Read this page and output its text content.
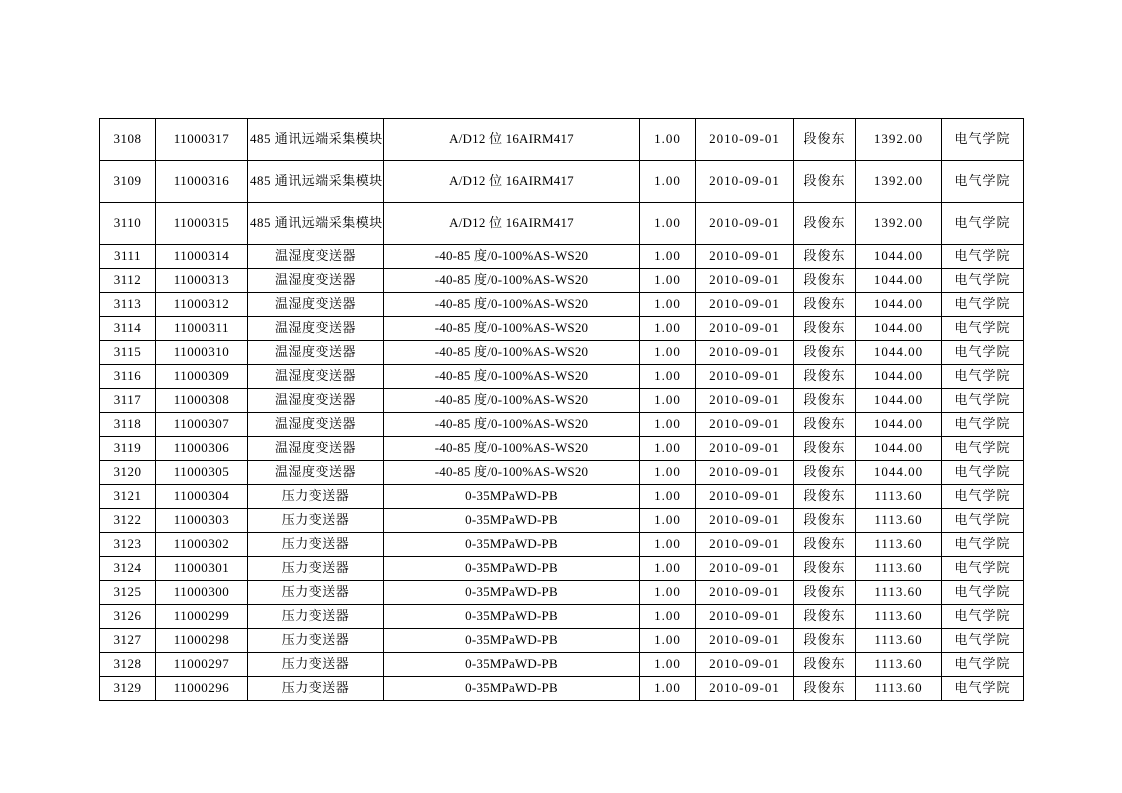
3108	11000317	485 通讯远端采集模块	A/D12 位 16AIRM417	1.00	2010-09-01	段俊东	1392.00	电气学院
3109	11000316	485 通讯远端采集模块	A/D12 位 16AIRM417	1.00	2010-09-01	段俊东	1392.00	电气学院
3110	11000315	485 通讯远端采集模块	A/D12 位 16AIRM417	1.00	2010-09-01	段俊东	1392.00	电气学院
3111	11000314	温湿度变送器	-40-85 度/0-100%AS-WS20	1.00	2010-09-01	段俊东	1044.00	电气学院
3112	11000313	温湿度变送器	-40-85 度/0-100%AS-WS20	1.00	2010-09-01	段俊东	1044.00	电气学院
3113	11000312	温湿度变送器	-40-85 度/0-100%AS-WS20	1.00	2010-09-01	段俊东	1044.00	电气学院
3114	11000311	温湿度变送器	-40-85 度/0-100%AS-WS20	1.00	2010-09-01	段俊东	1044.00	电气学院
3115	11000310	温湿度变送器	-40-85 度/0-100%AS-WS20	1.00	2010-09-01	段俊东	1044.00	电气学院
3116	11000309	温湿度变送器	-40-85 度/0-100%AS-WS20	1.00	2010-09-01	段俊东	1044.00	电气学院
3117	11000308	温湿度变送器	-40-85 度/0-100%AS-WS20	1.00	2010-09-01	段俊东	1044.00	电气学院
3118	11000307	温湿度变送器	-40-85 度/0-100%AS-WS20	1.00	2010-09-01	段俊东	1044.00	电气学院
3119	11000306	温湿度变送器	-40-85 度/0-100%AS-WS20	1.00	2010-09-01	段俊东	1044.00	电气学院
3120	11000305	温湿度变送器	-40-85 度/0-100%AS-WS20	1.00	2010-09-01	段俊东	1044.00	电气学院
3121	11000304	压力变送器	0-35MPaWD-PB	1.00	2010-09-01	段俊东	1113.60	电气学院
3122	11000303	压力变送器	0-35MPaWD-PB	1.00	2010-09-01	段俊东	1113.60	电气学院
3123	11000302	压力变送器	0-35MPaWD-PB	1.00	2010-09-01	段俊东	1113.60	电气学院
3124	11000301	压力变送器	0-35MPaWD-PB	1.00	2010-09-01	段俊东	1113.60	电气学院
3125	11000300	压力变送器	0-35MPaWD-PB	1.00	2010-09-01	段俊东	1113.60	电气学院
3126	11000299	压力变送器	0-35MPaWD-PB	1.00	2010-09-01	段俊东	1113.60	电气学院
3127	11000298	压力变送器	0-35MPaWD-PB	1.00	2010-09-01	段俊东	1113.60	电气学院
3128	11000297	压力变送器	0-35MPaWD-PB	1.00	2010-09-01	段俊东	1113.60	电气学院
3129	11000296	压力变送器	0-35MPaWD-PB	1.00	2010-09-01	段俊东	1113.60	电气学院
